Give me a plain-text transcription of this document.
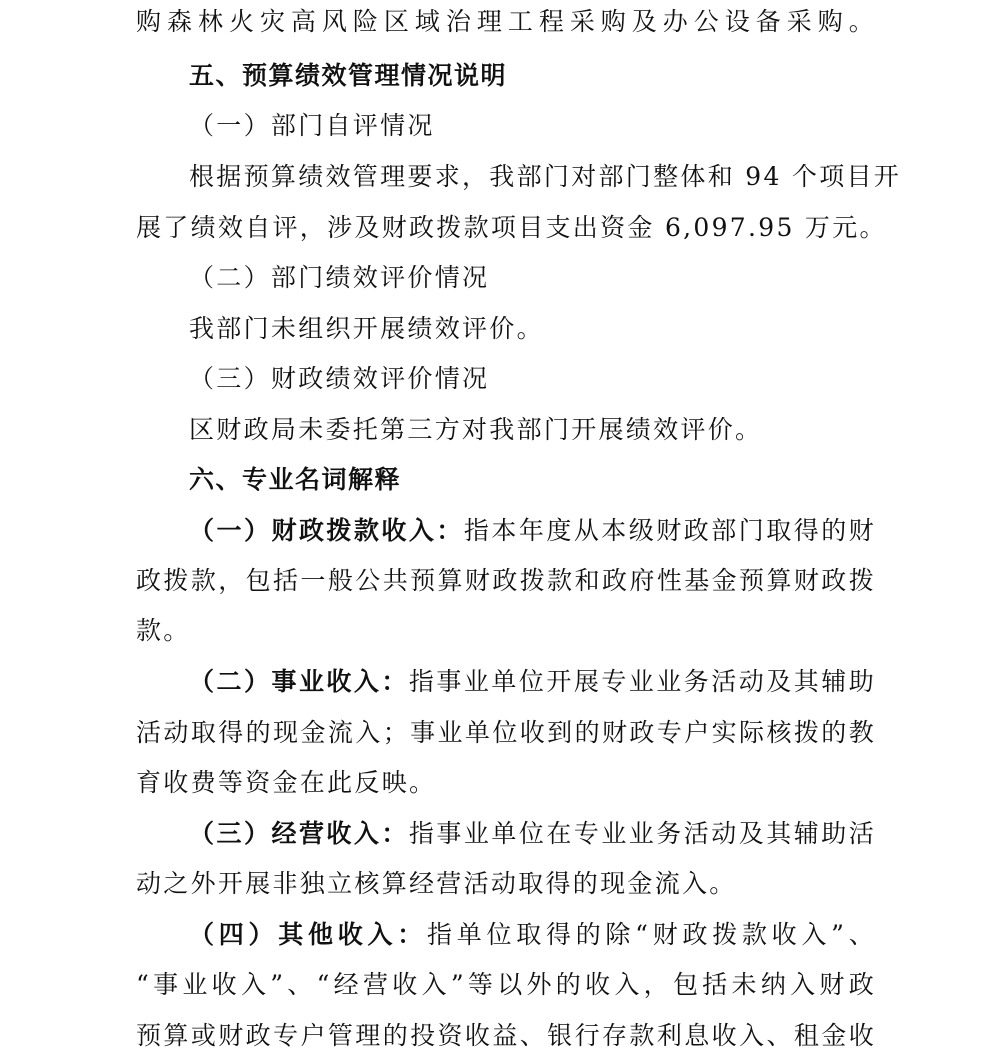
购森林火灾高风险区域治理工程采购及办公设备采购。
五、预算绩效管理情况说明
（一）部门自评情况
根据预算绩效管理要求，我部门对部门整体和 94 个项目开
展了绩效自评，涉及财政拨款项目支出资金 6,097.95 万元。
（二）部门绩效评价情况
我部门未组织开展绩效评价。
（三）财政绩效评价情况
区财政局未委托第三方对我部门开展绩效评价。
六、专业名词解释
（一）财政拨款收入：指本年度从本级财政部门取得的财
政拨款，包括一般公共预算财政拨款和政府性基金预算财政拨
款。
（二）事业收入：指事业单位开展专业业务活动及其辅助
活动取得的现金流入；事业单位收到的财政专户实际核拨的教
育收费等资金在此反映。
（三）经营收入：指事业单位在专业业务活动及其辅助活
动之外开展非独立核算经营活动取得的现金流入。
（四）其他收入：指单位取得的除“财政拨款收入”、
“事业收入”、“经营收入”等以外的收入，包括未纳入财政
预算或财政专户管理的投资收益、银行存款利息收入、租金收
